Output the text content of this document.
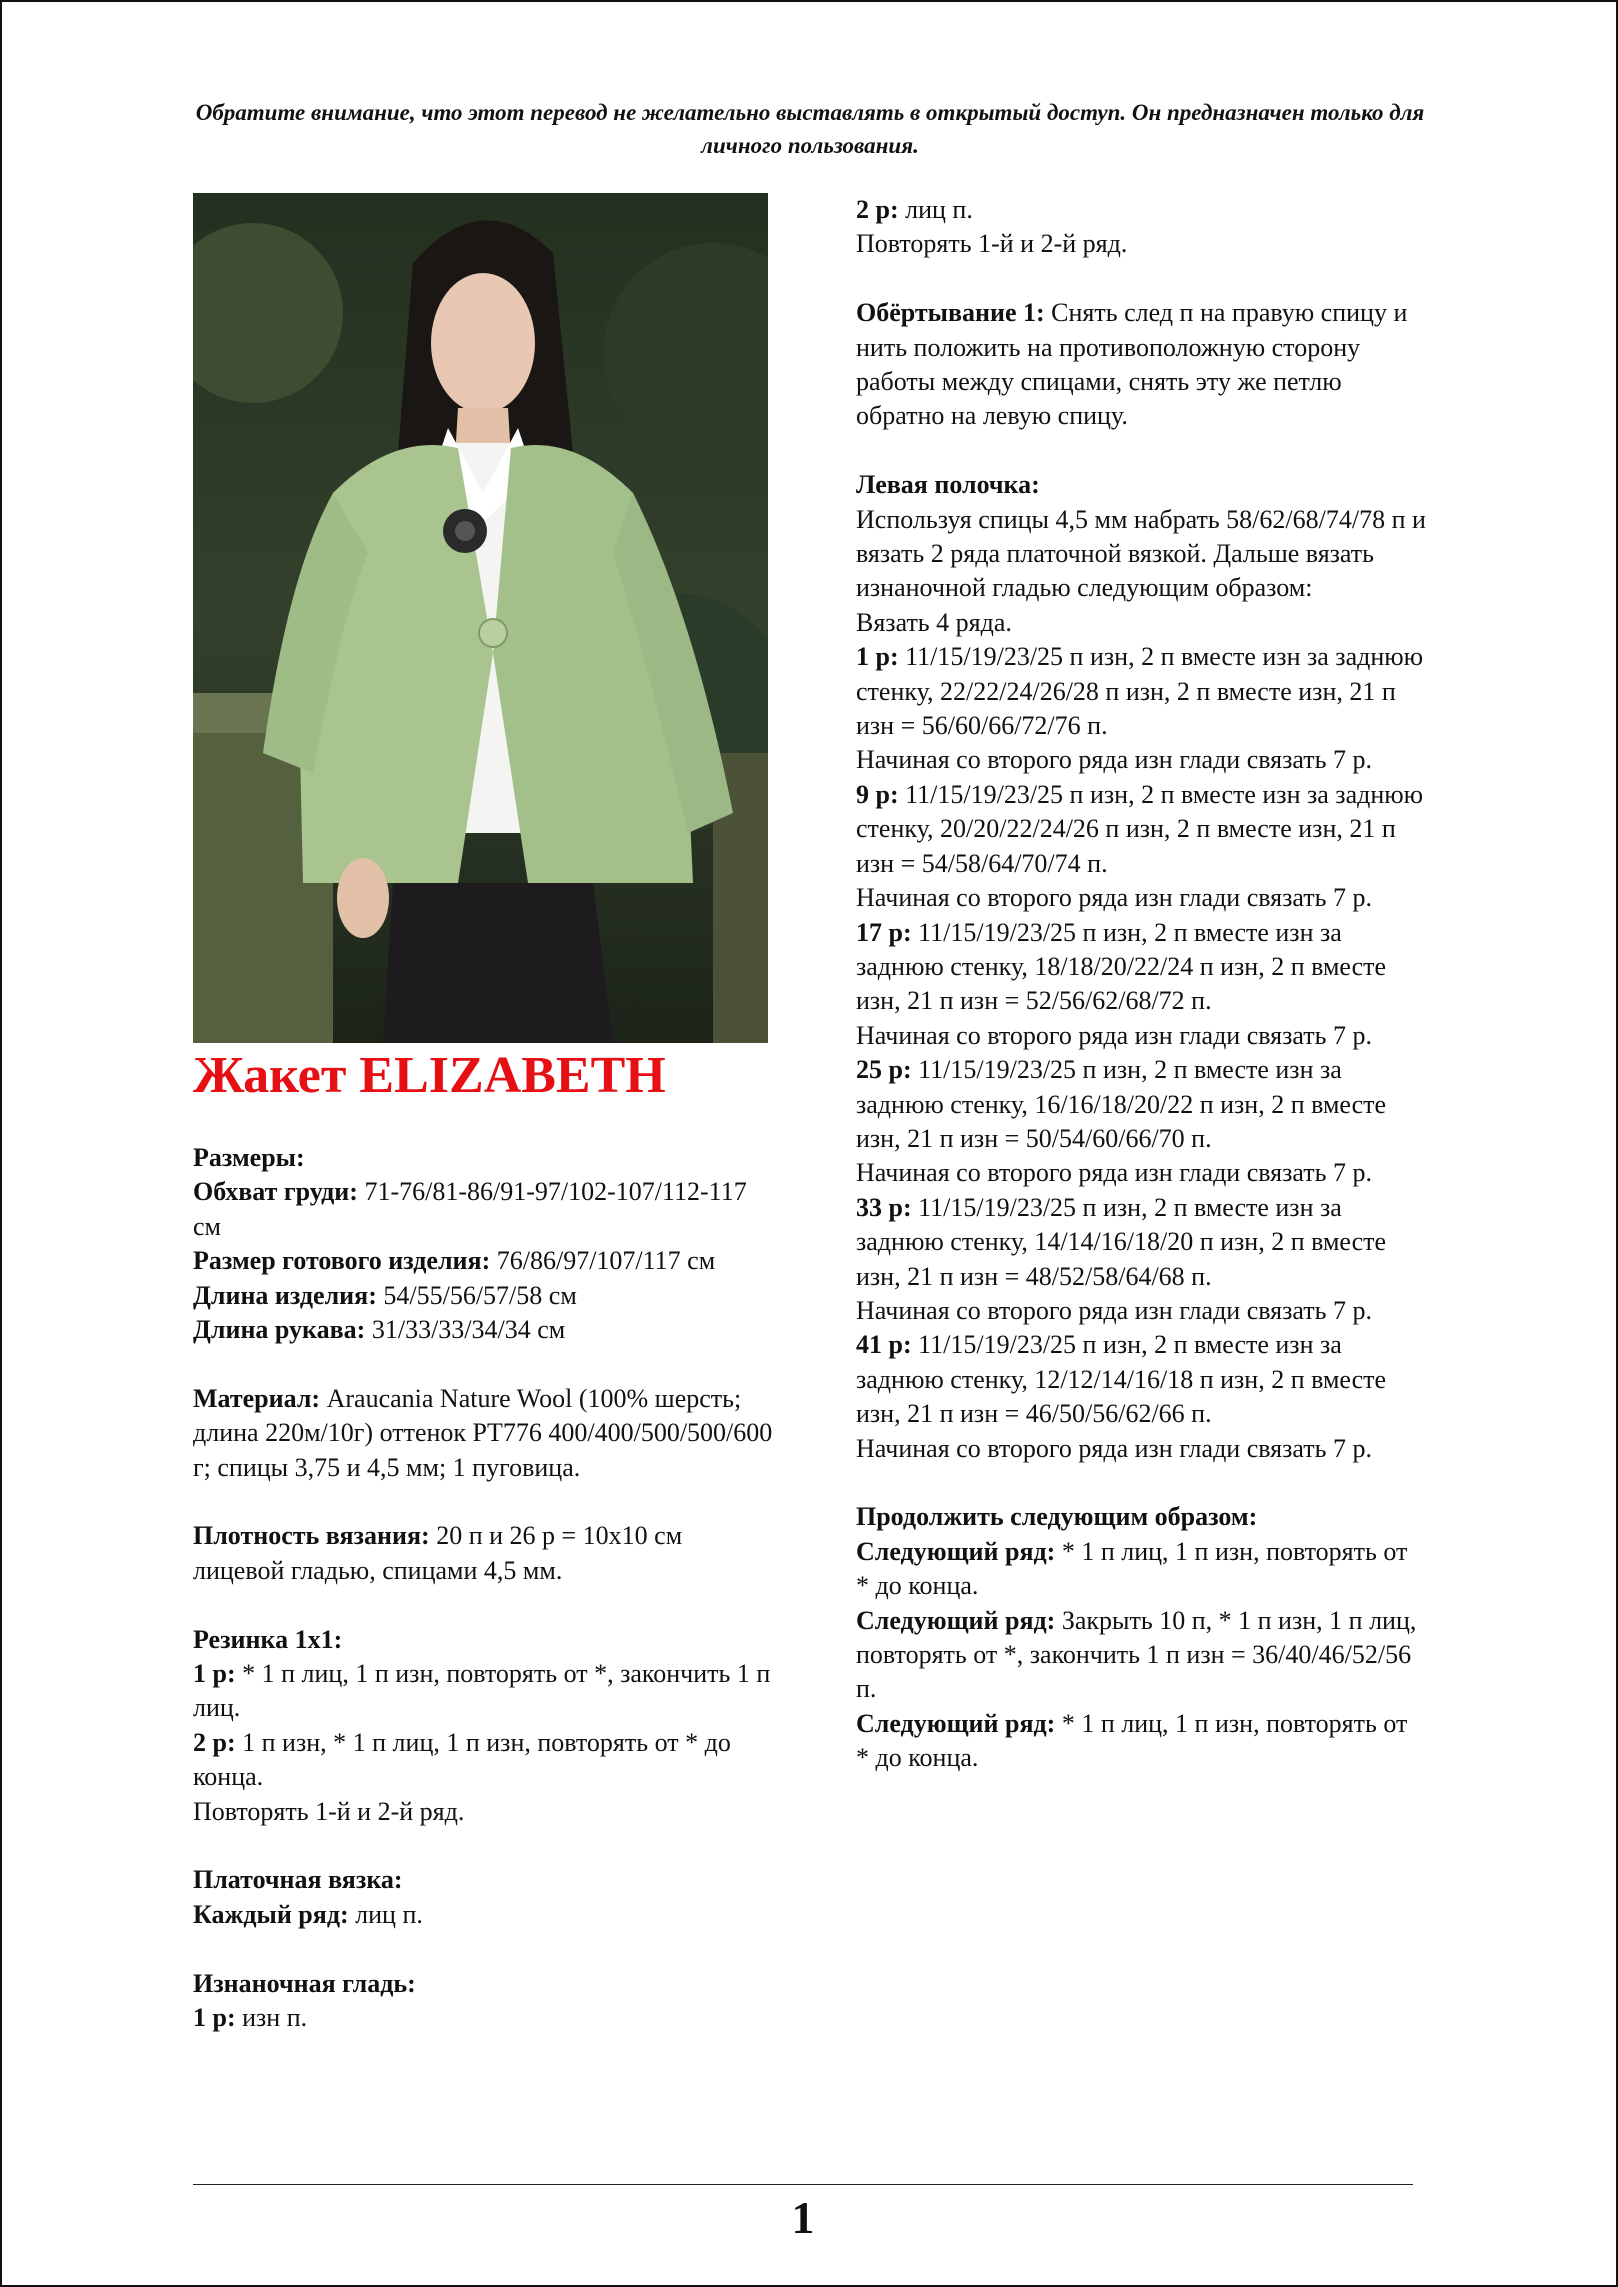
Обратите внимание, что этот перевод не желательно выставлять в открытый доступ. Он предназначен только для личного пользования.
Жакет ELIZABETH

Размеры:

Обхват груди: 71-76/81-86/91-97/102-107/112-117 см

Размер готового изделия: 76/86/97/107/117 см

Длина изделия: 54/55/56/57/58 см

Длина рукава: 31/33/33/34/34 см

Материал: Araucania Nature Wool (100% шерсть; длина 220м/10г) оттенок PT776 400/400/500/500/600 г; спицы 3,75 и 4,5 мм; 1 пуговица.

Плотность вязания: 20 п и 26 р = 10х10 см лицевой гладью, спицами 4,5 мм.

Резинка 1х1:

1 р: * 1 п лиц, 1 п изн, повторять от *, закончить 1 п лиц.

2 р: 1 п изн, * 1 п лиц, 1 п изн, повторять от * до конца.

Повторять 1-й и 2-й ряд.

Платочная вязка:

Каждый ряд: лиц п.

Изнаночная гладь:

1 р: изн п.

2 р: лиц п.

Повторять 1-й и 2-й ряд.

Обёртывание 1: Снять след п на правую спицу и нить положить на противоположную сторону работы между спицами, снять эту же петлю обратно на левую спицу.

Левая полочка:

Используя спицы 4,5 мм набрать 58/62/68/74/78 п и вязать 2 ряда платочной вязкой. Дальше вязать изнаночной гладью следующим образом:

Вязать 4 ряда.

1 р: 11/15/19/23/25 п изн, 2 п вместе изн за заднюю стенку, 22/22/24/26/28 п изн, 2 п вместе изн, 21 п изн = 56/60/66/72/76 п.

Начиная со второго ряда изн глади связать 7 р.

9 р: 11/15/19/23/25 п изн, 2 п вместе изн за заднюю стенку, 20/20/22/24/26 п изн, 2 п вместе изн, 21 п изн = 54/58/64/70/74 п.

Начиная со второго ряда изн глади связать 7 р.

17 р: 11/15/19/23/25 п изн, 2 п вместе изн за заднюю стенку, 18/18/20/22/24 п изн, 2 п вместе изн, 21 п изн = 52/56/62/68/72 п.

Начиная со второго ряда изн глади связать 7 р.

25 р: 11/15/19/23/25 п изн, 2 п вместе изн за заднюю стенку, 16/16/18/20/22 п изн, 2 п вместе изн, 21 п изн = 50/54/60/66/70 п.

Начиная со второго ряда изн глади связать 7 р.

33 р: 11/15/19/23/25 п изн, 2 п вместе изн за заднюю стенку, 14/14/16/18/20 п изн, 2 п вместе изн, 21 п изн = 48/52/58/64/68 п.

Начиная со второго ряда изн глади связать 7 р.

41 р: 11/15/19/23/25 п изн, 2 п вместе изн за заднюю стенку, 12/12/14/16/18 п изн, 2 п вместе изн, 21 п изн = 46/50/56/62/66 п.

Начиная со второго ряда изн глади связать 7 р.

Продолжить следующим образом:

Следующий ряд: * 1 п лиц, 1 п изн, повторять от * до конца.

Следующий ряд: Закрыть 10 п, * 1 п изн, 1 п лиц, повторять от *, закончить 1 п изн = 36/40/46/52/56 п.

Следующий ряд: * 1 п лиц, 1 п изн, повторять от * до конца.

1
